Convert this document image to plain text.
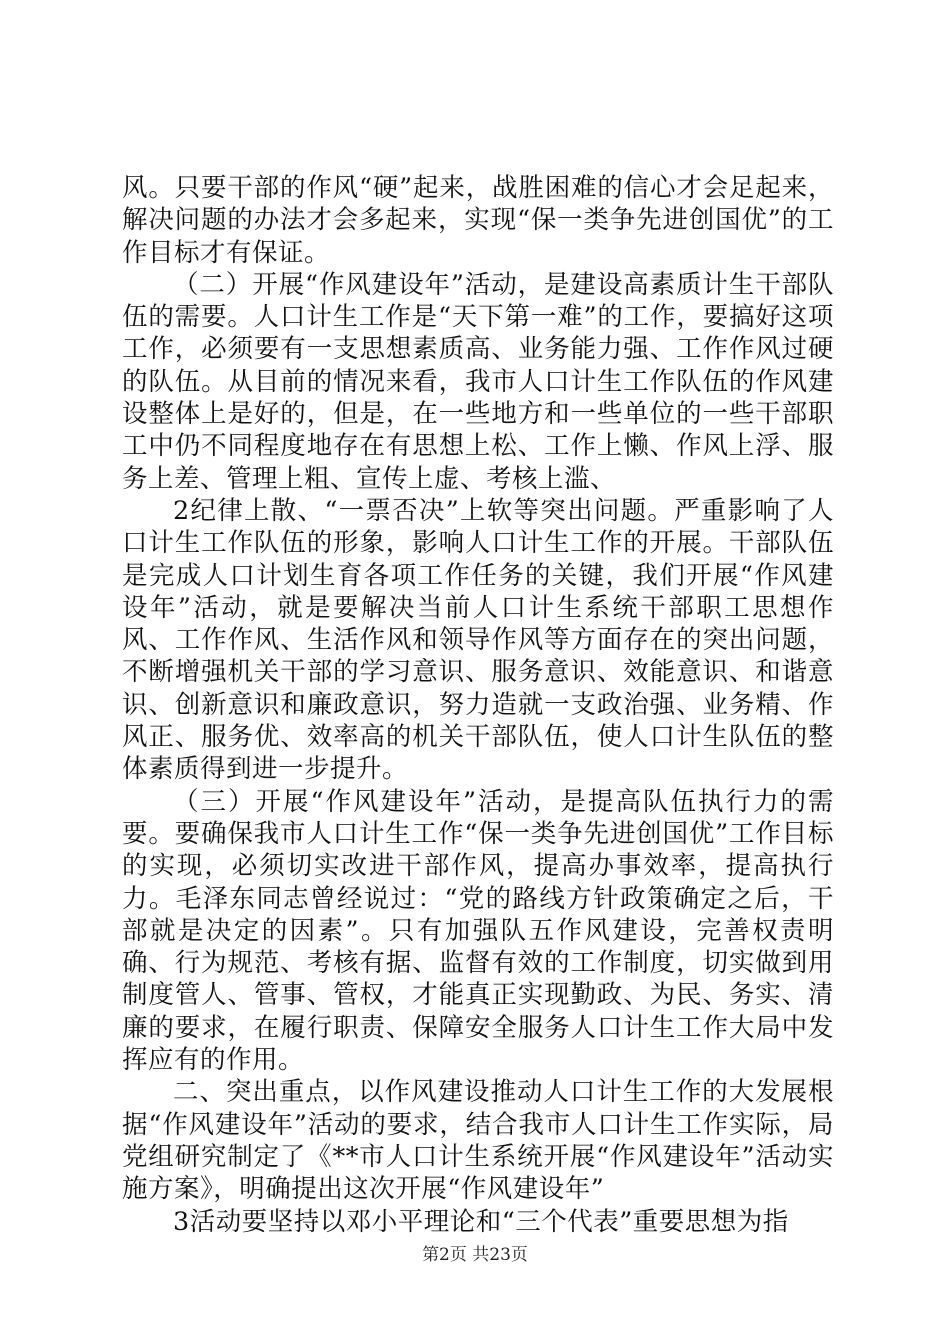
风。只要干部的作风“硬”起来，战胜困难的信心才会足起来，解决问题的办法才会多起来，实现“保一类争先进创国优”的工作目标才有保证。

（二）开展“作风建设年”活动，是建设高素质计生干部队伍的需要。人口计生工作是“天下第一难”的工作，要搞好这项工作，必须要有一支思想素质高、业务能力强、工作作风过硬的队伍。从目前的情况来看，我市人口计生工作队伍的作风建设整体上是好的，但是，在一些地方和一些单位的一些干部职工中仍不同程度地存在有思想上松、工作上懒、作风上浮、服务上差、管理上粗、宣传上虚、考核上滥、

2纪律上散、“一票否决”上软等突出问题。严重影响了人口计生工作队伍的形象，影响人口计生工作的开展。干部队伍是完成人口计划生育各项工作任务的关键，我们开展“作风建设年”活动，就是要解决当前人口计生系统干部职工思想作风、工作作风、生活作风和领导作风等方面存在的突出问题，不断增强机关干部的学习意识、服务意识、效能意识、和谐意识、创新意识和廉政意识，努力造就一支政治强、业务精、作风正、服务优、效率高的机关干部队伍，使人口计生队伍的整体素质得到进一步提升。

（三）开展“作风建设年”活动，是提高队伍执行力的需要。要确保我市人口计生工作“保一类争先进创国优”工作目标的实现，必须切实改进干部作风，提高办事效率，提高执行力。毛泽东同志曾经说过：“党的路线方针政策确定之后，干部就是决定的因素”。只有加强队五作风建设，完善权责明确、行为规范、考核有据、监督有效的工作制度，切实做到用制度管人、管事、管权，才能真正实现勤政、为民、务实、清廉的要求，在履行职责、保障安全服务人口计生工作大局中发挥应有的作用。

二、突出重点，以作风建设推动人口计生工作的大发展根据“作风建设年”活动的要求，结合我市人口计生工作实际，局党组研究制定了《**市人口计生系统开展“作风建设年”活动实施方案》，明确提出这次开展“作风建设年”

3活动要坚持以邓小平理论和“三个代表”重要思想为指

第2页 共23页
